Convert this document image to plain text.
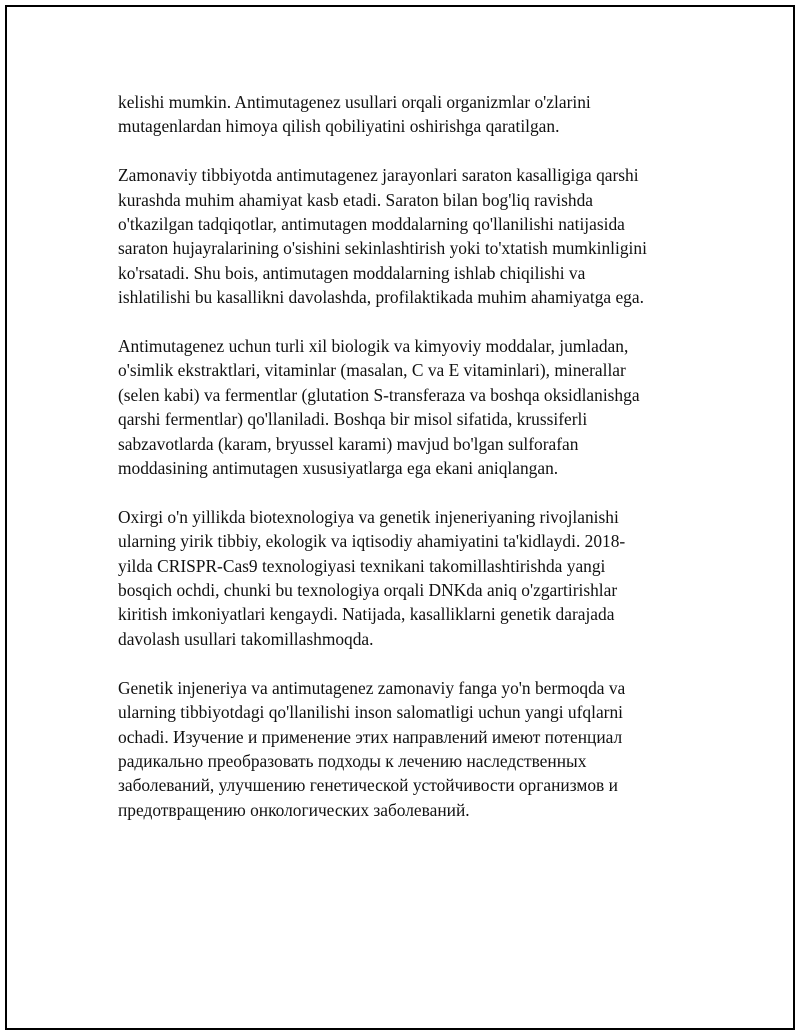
kelishi mumkin. Antimutagenez usullari orqali organizmlar o'zlarini
mutagenlardan himoya qilish qobiliyatini oshirishga qaratilgan.

Zamonaviy tibbiyotda antimutagenez jarayonlari saraton kasalligiga qarshi
kurashda muhim ahamiyat kasb etadi. Saraton bilan bog'liq ravishda
o'tkazilgan tadqiqotlar, antimutagen moddalarning qo'llanilishi natijasida
saraton hujayralarining o'sishini sekinlashtirish yoki to'xtatish mumkinligini
ko'rsatadi. Shu bois, antimutagen moddalarning ishlab chiqilishi va
ishlatilishi bu kasallikni davolashda, profilaktikada muhim ahamiyatga ega.

Antimutagenez uchun turli xil biologik va kimyoviy moddalar, jumladan,
o'simlik ekstraktlari, vitaminlar (masalan, C va E vitaminlari), minerallar
(selen kabi) va fermentlar (glutation S-transferaza va boshqa oksidlanishga
qarshi fermentlar) qo'llaniladi. Boshqa bir misol sifatida, krussiferli
sabzavotlarda (karam, bryussel karami) mavjud bo'lgan sulforafan
moddasining antimutagen xususiyatlarga ega ekani aniqlangan.

Oxirgi o'n yillikda biotexnologiya va genetik injeneriyaning rivojlanishi
ularning yirik tibbiy, ekologik va iqtisodiy ahamiyatini ta'kidlaydi. 2018-
yilda CRISPR-Cas9 texnologiyasi texnikani takomillashtirishda yangi
bosqich ochdi, chunki bu texnologiya orqali DNKda aniq o'zgartirishlar
kiritish imkoniyatlari kengaydi. Natijada, kasalliklarni genetik darajada
davolash usullari takomillashmoqda.

Genetik injeneriya va antimutagenez zamonaviy fanga yo'n bermoqda va
ularning tibbiyotdagi qo'llanilishi inson salomatligi uchun yangi ufqlarni
ochadi. Изучение и применение этих направлений имеют потенциал
радикально преобразовать подходы к лечению наследственных
заболеваний, улучшению генетической устойчивости организмов и
предотвращению онкологических заболеваний.
